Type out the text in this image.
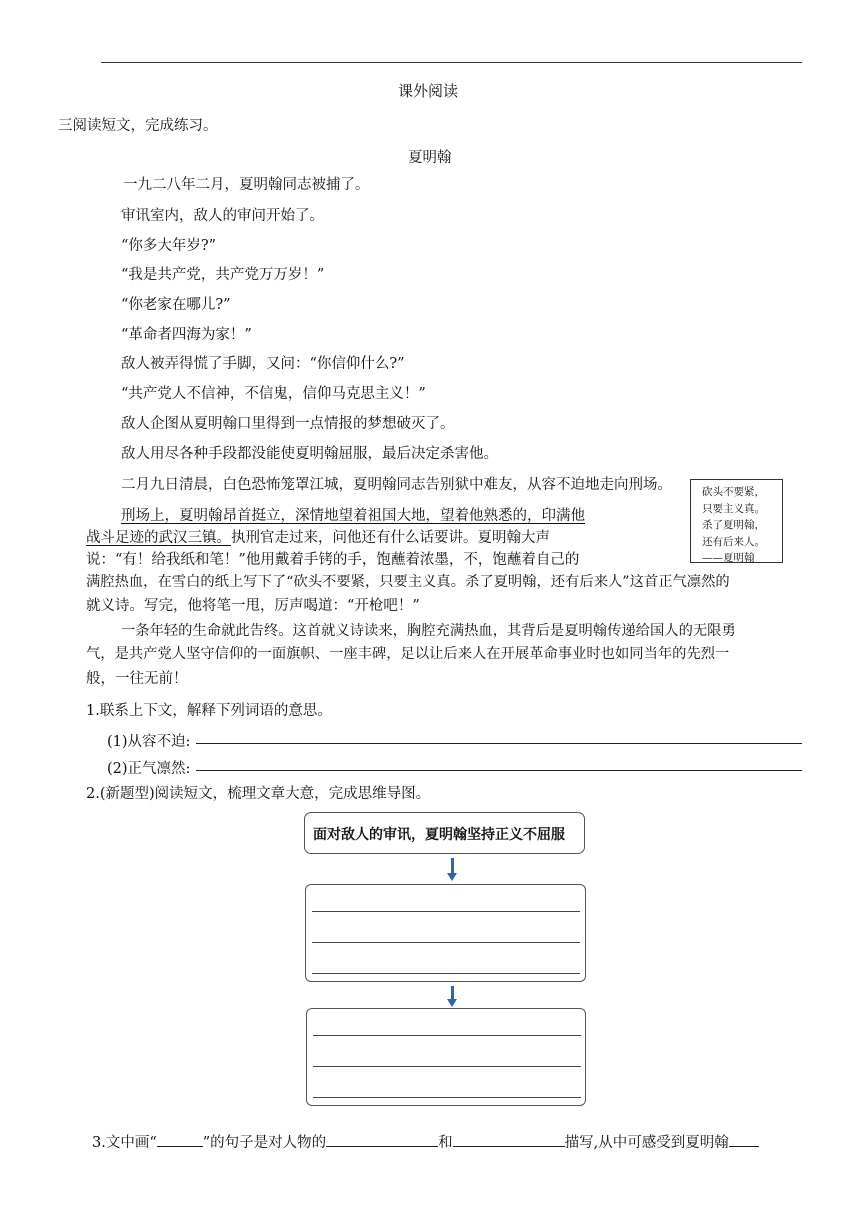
课外阅读
三阅读短文，完成练习。
夏明翰
一九二八年二月，夏明翰同志被捕了。
审讯室内，敌人的审问开始了。
“你多大年岁?”
“我是共产党，共产党万万岁！”
“你老家在哪儿?”
“革命者四海为家！”
敌人被弄得慌了手脚，又问：“你信仰什么?”
“共产党人不信神，不信鬼，信仰马克思主义！”
敌人企图从夏明翰口里得到一点情报的梦想破灭了。
敌人用尽各种手段都没能使夏明翰屈服，最后决定杀害他。
二月九日清晨，白色恐怖笼罩江城，夏明翰同志告别狱中难友，从容不迫地走向刑场。
刑场上，夏明翰昂首挺立，深情地望着祖国大地，望着他熟悉的，印满他
战斗足迹的武汉三镇。执刑官走过来，问他还有什么话要讲。夏明翰大声
说：“有！给我纸和笔！”他用戴着手铐的手，饱蘸着浓墨，不，饱蘸着自己的
满腔热血，在雪白的纸上写下了“砍头不要紧，只要主义真。杀了夏明翰，还有后来人”这首正气凛然的
就义诗。写完，他将笔一甩，厉声喝道：“开枪吧！”
砍头不要紧，
只要主义真。
杀了夏明翰，
还有后来人。
——夏明翰
一条年轻的生命就此告终。这首就义诗读来，胸腔充满热血，其背后是夏明翰传递给国人的无限勇
气，是共产党人坚守信仰的一面旗帜、一座丰碑，足以让后来人在开展革命事业时也如同当年的先烈一
般，一往无前！
1.联系上下文，解释下列词语的意思。
(1)从容不迫:
(2)正气凛然:
2.(新题型)阅读短文，梳理文章大意，完成思维导图。
面对敌人的审讯，夏明翰坚持正义不屈服
3.文中画“	”的句子是对人物的	和	描写,从中可感受到夏明翰
